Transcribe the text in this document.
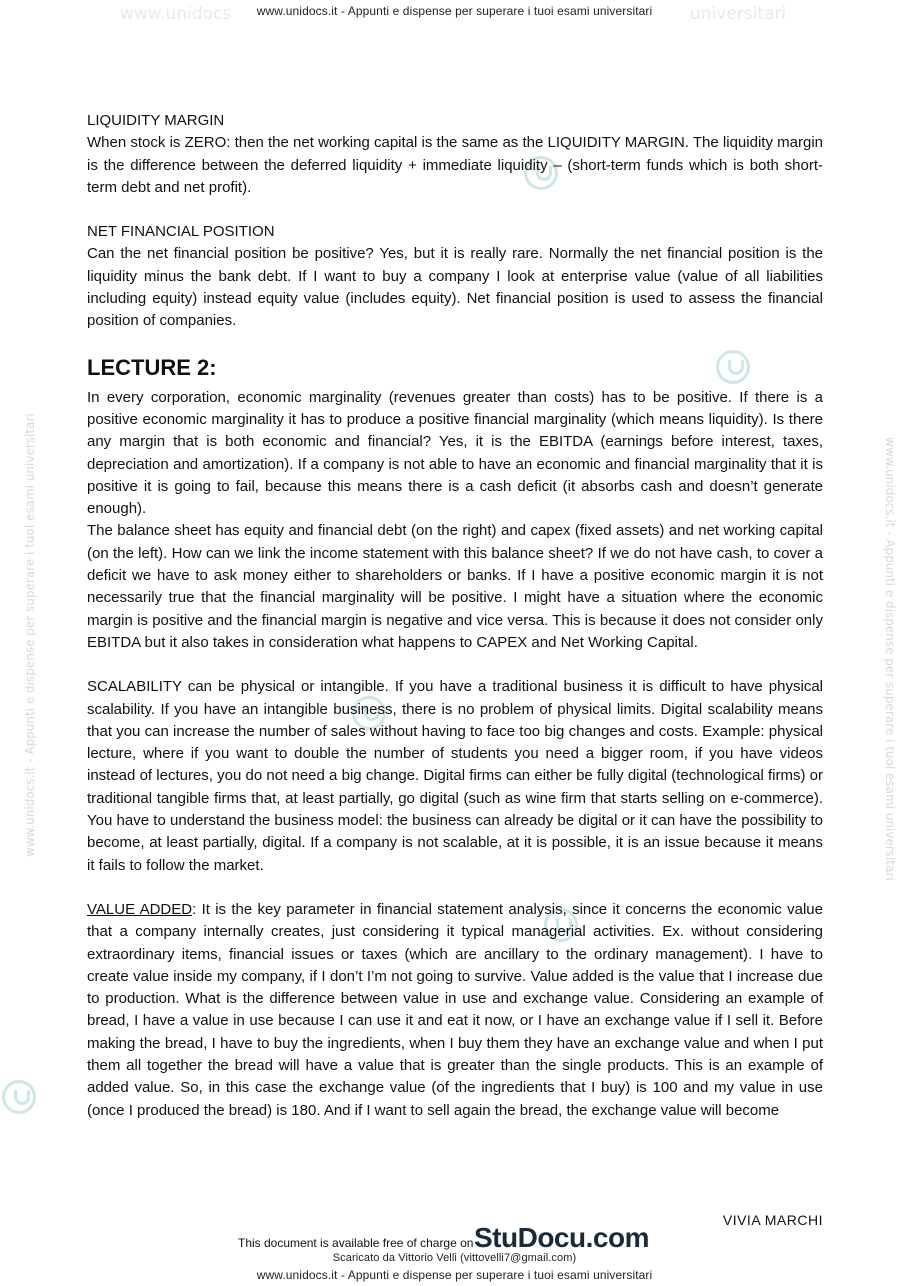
www.unidocs.it - Appunti e dispense per superare i tuoi esami universitari
www.unidocs	universitari
www.unidocs.it - Appunti e dispense per superare i tuoi esami universitari	www.unidocs.it - Appunti e dispense per superare i tuoi esami universitari

LIQUIDITY MARGIN

When stock is ZERO: then the net working capital is the same as the LIQUIDITY MARGIN. The liquidity margin is the difference between the deferred liquidity + immediate liquidity – (short-term funds which is both short-term debt and net profit).

NET FINANCIAL POSITION

Can the net financial position be positive? Yes, but it is really rare. Normally the net financial position is the liquidity minus the bank debt. If I want to buy a company I look at enterprise value (value of all liabilities including equity) instead equity value (includes equity). Net financial position is used to assess the financial position of companies.

LECTURE 2:

In every corporation, economic marginality (revenues greater than costs) has to be positive. If there is a positive economic marginality it has to produce a positive financial marginality (which means liquidity). Is there any margin that is both economic and financial? Yes, it is the EBITDA (earnings before interest, taxes, depreciation and amortization). If a company is not able to have an economic and financial marginality that it is positive it is going to fail, because this means there is a cash deficit (it absorbs cash and doesn’t generate enough).

The balance sheet has equity and financial debt (on the right) and capex (fixed assets) and net working capital (on the left). How can we link the income statement with this balance sheet? If we do not have cash, to cover a deficit we have to ask money either to shareholders or banks. If I have a positive economic margin it is not necessarily true that the financial marginality will be positive. I might have a situation where the economic margin is positive and the financial margin is negative and vice versa. This is because it does not consider only EBITDA but it also takes in consideration what happens to CAPEX and Net Working Capital.

SCALABILITY can be physical or intangible. If you have a traditional business it is difficult to have physical scalability. If you have an intangible business, there is no problem of physical limits. Digital scalability means that you can increase the number of sales without having to face too big changes and costs. Example: physical lecture, where if you want to double the number of students you need a bigger room, if you have videos instead of lectures, you do not need a big change. Digital firms can either be fully digital (technological firms) or traditional tangible firms that, at least partially, go digital (such as wine firm that starts selling on e-commerce). You have to understand the business model: the business can already be digital or it can have the possibility to become, at least partially, digital. If a company is not scalable, at it is possible, it is an issue because it means it fails to follow the market.

VALUE ADDED: It is the key parameter in financial statement analysis, since it concerns the economic value that a company internally creates, just considering it typical managerial activities. Ex. without considering extraordinary items, financial issues or taxes (which are ancillary to the ordinary management). I have to create value inside my company, if I don’t I’m not going to survive. Value added is the value that I increase due to production. What is the difference between value in use and exchange value. Considering an example of bread, I have a value in use because I can use it and eat it now, or I have an exchange value if I sell it. Before making the bread, I have to buy the ingredients, when I buy them they have an exchange value and when I put them all together the bread will have a value that is greater than the single products. This is an example of added value. So, in this case the exchange value (of the ingredients that I buy) is 100 and my value in use (once I produced the bread) is 180. And if I want to sell again the bread, the exchange value will become

VIVIA MARCHI
This document is available free of charge on StuDocu.com
Scaricato da Vittorio Velli (vittovelli7@gmail.com)
www.unidocs.it - Appunti e dispense per superare i tuoi esami universitari
